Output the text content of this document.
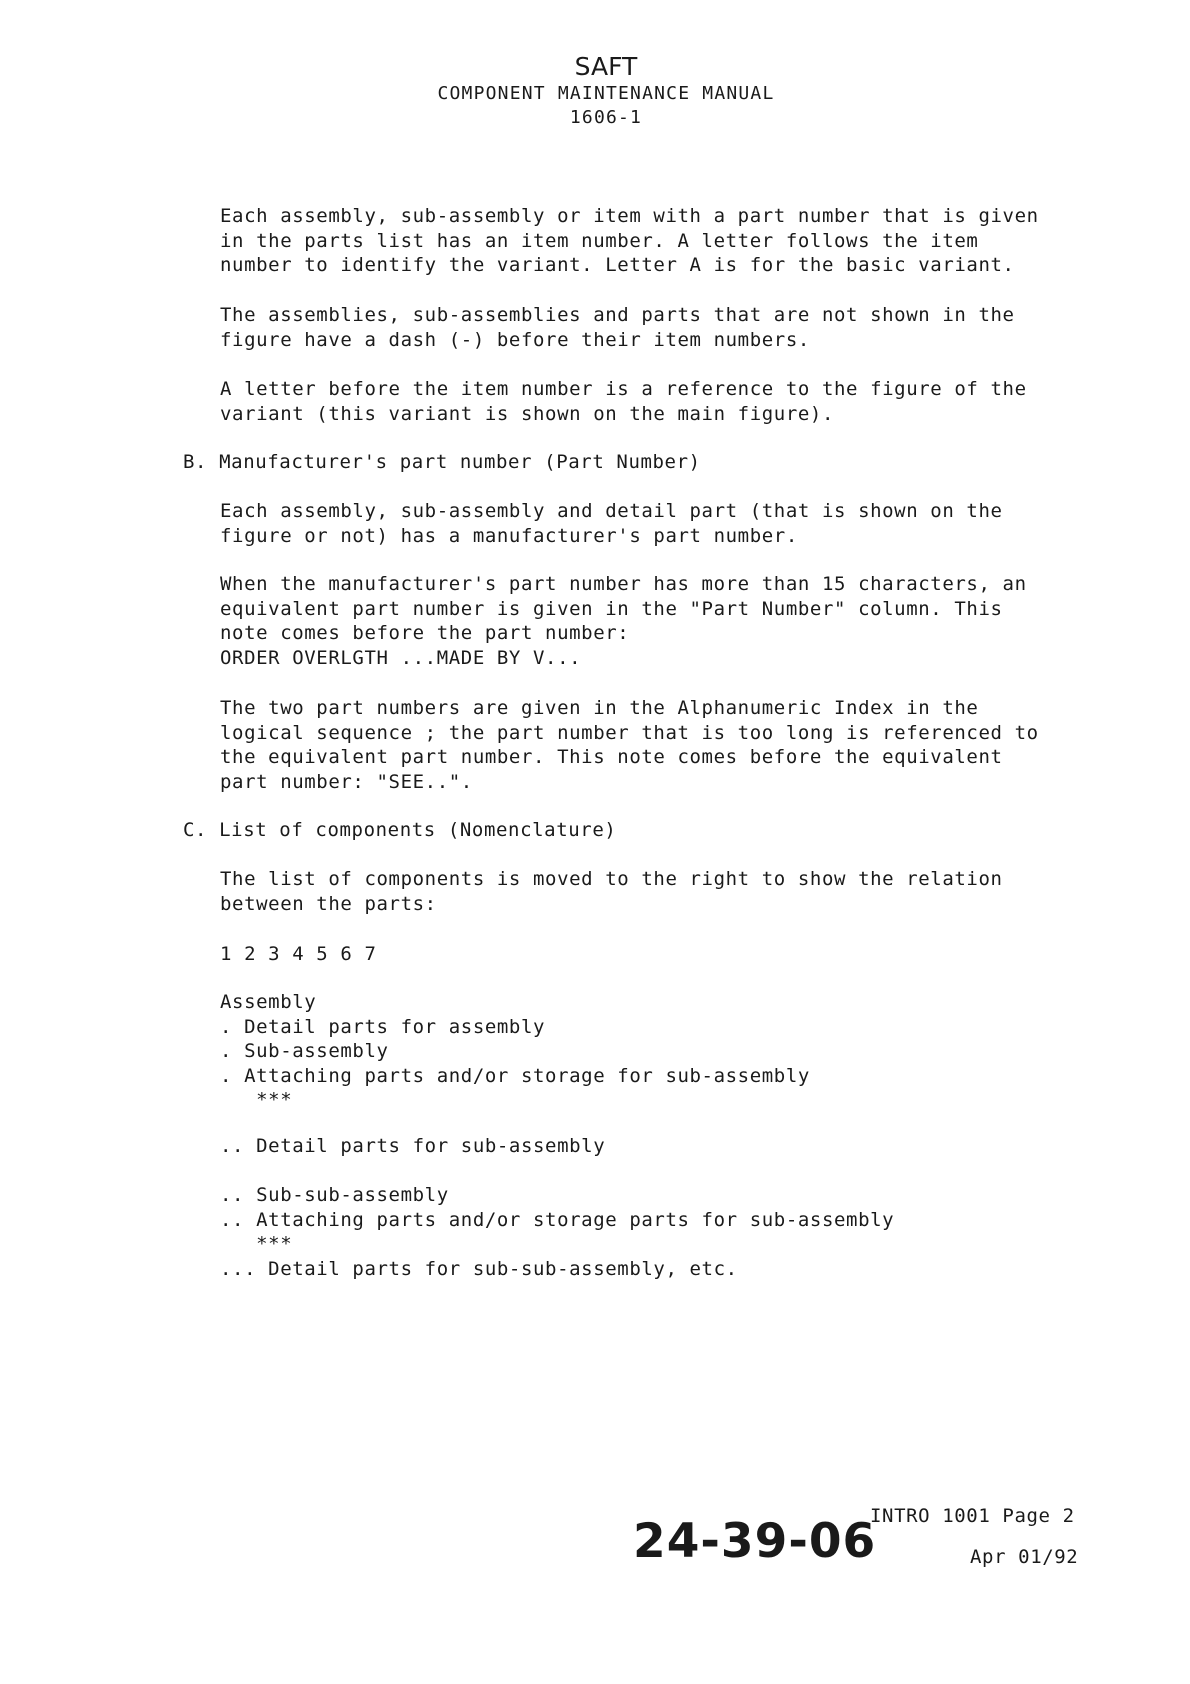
SAFT
COMPONENT MAINTENANCE MANUAL
1606-1
Each assembly, sub-assembly or item with a part number that is given
in the parts list has an item number. A letter follows the item
number to identify the variant. Letter A is for the basic variant.
The assemblies, sub-assemblies and parts that are not shown in the
figure have a dash (-) before their item numbers.
A letter before the item number is a reference to the figure of the
variant (this variant is shown on the main figure).
B. Manufacturer's part number (Part Number)
Each assembly, sub-assembly and detail part (that is shown on the
figure or not) has a manufacturer's part number.
When the manufacturer's part number has more than 15 characters, an
equivalent part number is given in the "Part Number" column. This
note comes before the part number:
ORDER OVERLGTH ...MADE BY V...
The two part numbers are given in the Alphanumeric Index in the
logical sequence ; the part number that is too long is referenced to
the equivalent part number. This note comes before the equivalent
part number: "SEE..".
C. List of components (Nomenclature)
The list of components is moved to the right to show the relation
between the parts:
1 2 3 4 5 6 7
Assembly
. Detail parts for assembly
. Sub-assembly
. Attaching parts and/or storage for sub-assembly
***
.. Detail parts for sub-assembly
.. Sub-sub-assembly
.. Attaching parts and/or storage parts for sub-assembly
***
... Detail parts for sub-sub-assembly, etc.
24-39-06
INTRO 1001 Page 2
Apr 01/92
